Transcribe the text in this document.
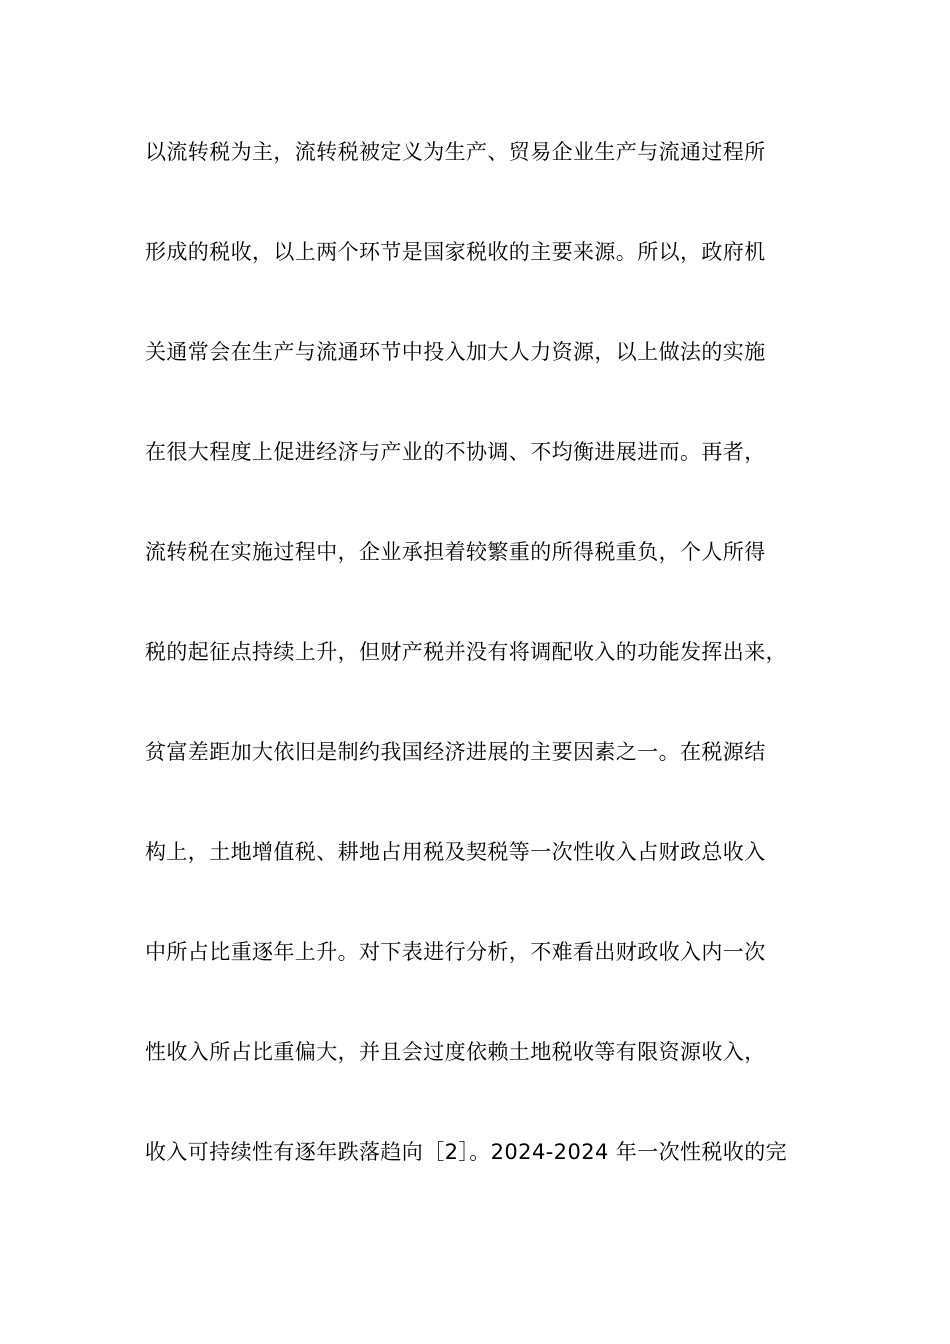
以流转税为主，流转税被定义为生产、贸易企业生产与流通过程所
形成的税收，以上两个环节是国家税收的主要来源。所以，政府机
关通常会在生产与流通环节中投入加大人力资源，以上做法的实施
在很大程度上促进经济与产业的不协调、不均衡进展进而。再者，
流转税在实施过程中，企业承担着较繁重的所得税重负，个人所得
税的起征点持续上升，但财产税并没有将调配收入的功能发挥出来，
贫富差距加大依旧是制约我国经济进展的主要因素之一。在税源结
构上，土地增值税、耕地占用税及契税等一次性收入占财政总收入
中所占比重逐年上升。对下表进行分析，不难看出财政收入内一次
性收入所占比重偏大，并且会过度依赖土地税收等有限资源收入，
收入可持续性有逐年跌落趋向［2］。2024-2024 年一次性税收的完
